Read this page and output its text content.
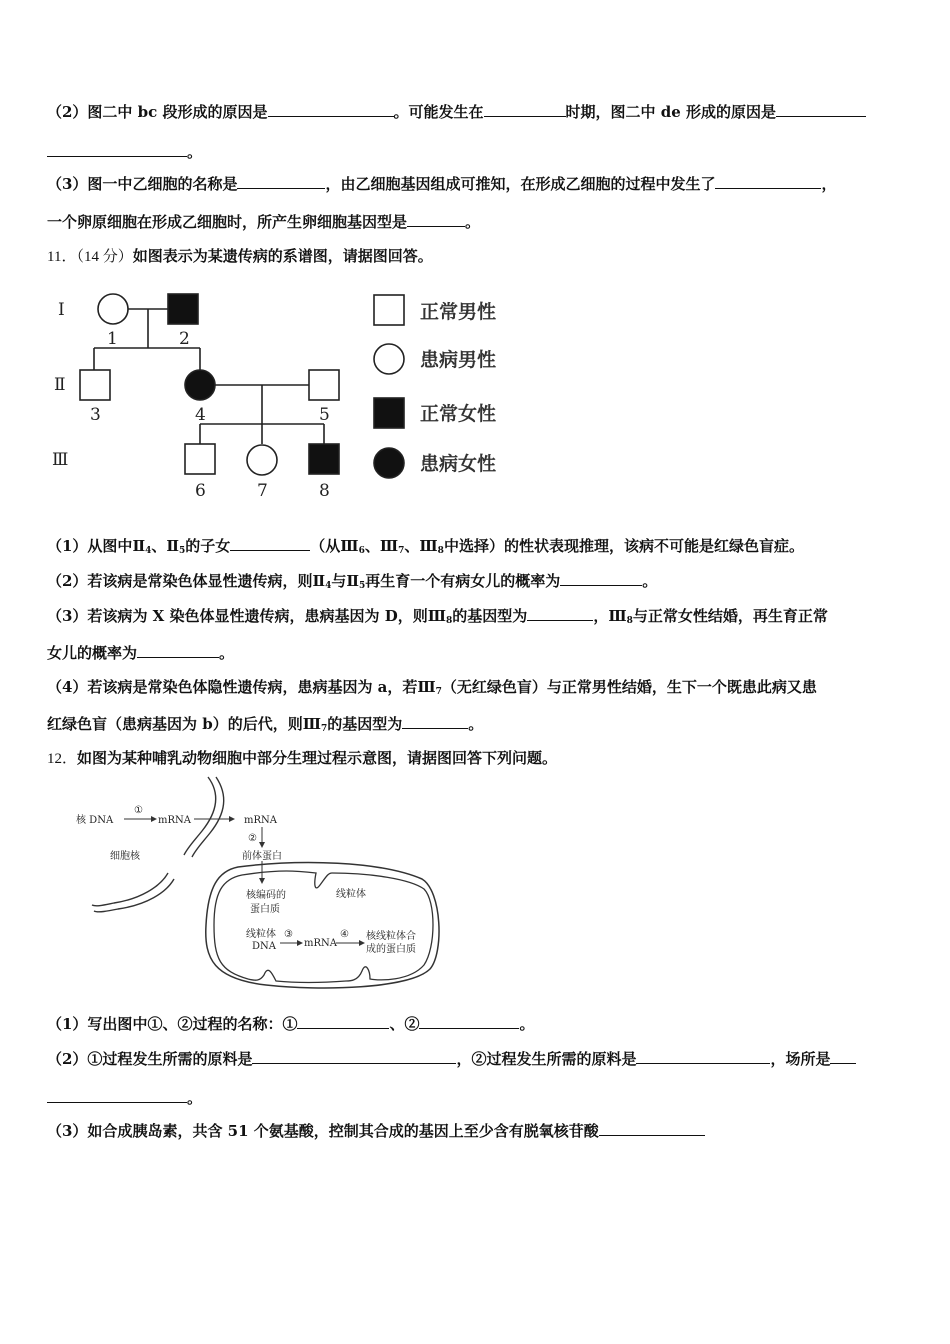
（2）图二中 bc 段形成的原因是	。可能发生在	时期，图二中 de 形成的原因是
。
（3）图一中乙细胞的名称是	，由乙细胞基因组成可推知，在形成乙细胞的过程中发生了	，
一个卵原细胞在形成乙细胞时，所产生卵细胞基因型是	。
11．（14 分）如图表示为某遗传病的系谱图，请据图回答。
Ⅰ
Ⅱ
Ⅲ
1	2
3	4	5
6	7	8
正常男性
患病男性
正常女性
患病女性
（1）从图中$Ⅱ_4$、$Ⅱ_5$的子女	（从$Ⅲ_6$、$Ⅲ_7$、$Ⅲ_8$中选择）的性状表现推理，该病不可能是红绿色盲症。
（2）若该病是常染色体显性遗传病，则$Ⅱ_4$与$Ⅱ_5$再生育一个有病女儿的概率为	。
（3）若该病为 X 染色体显性遗传病，患病基因为 D，则$Ⅲ_8$的基因型为	，$Ⅲ_8$与正常女性结婚，再生育正常
女儿的概率为	。
（4）若该病是常染色体隐性遗传病，患病基因为 a，若$Ⅲ_7$（无红绿色盲）与正常男性结婚，生下一个既患此病又患
红绿色盲（患病基因为 b）的后代，则$Ⅲ_7$的基因型为	。
12．如图为某种哺乳动物细胞中部分生理过程示意图，请据图回答下列问题。
核 DNA
①
mRNA	mRNA
②
前体蛋白
细胞核
核编码的
蛋白质
线粒体
线粒体
DNA
③
mRNA
④ 核线粒体合
成的蛋白质
（1）写出图中①、②过程的名称：①	、②	。
（2）①过程发生所需的原料是	，②过程发生所需的原料是	，场所是
。
（3）如合成胰岛素，共含 51 个氨基酸，控制其合成的基因上至少含有脱氧核苷酸
